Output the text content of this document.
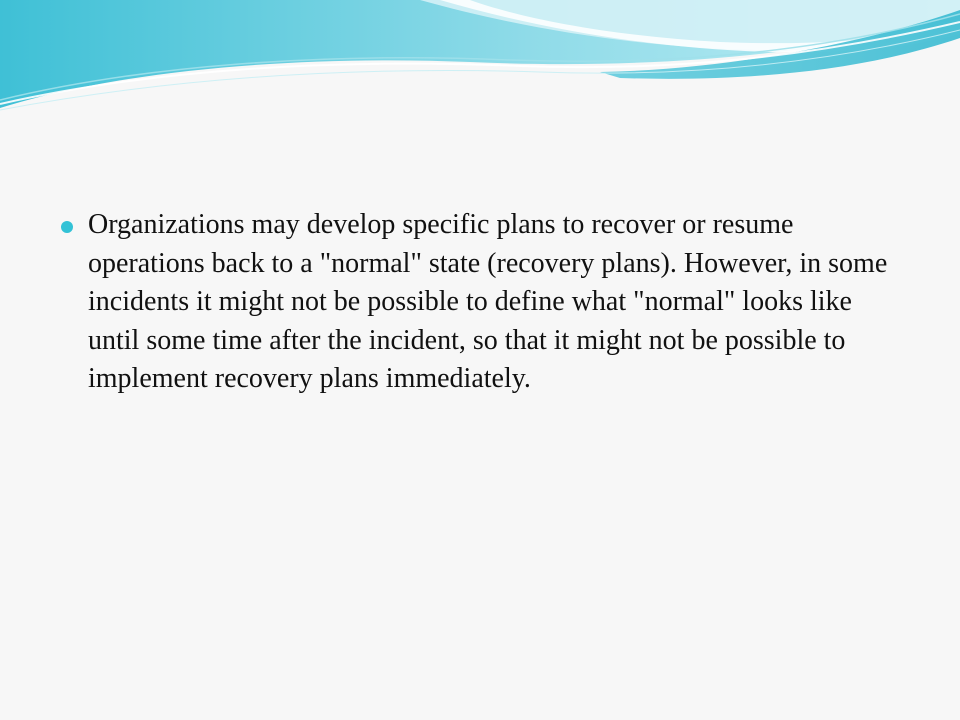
Organizations may develop specific plans to recover or resume operations back to a "normal" state (recovery plans). However, in some incidents it might not be possible to define what "normal" looks like until some time after the incident, so that it might not be possible to implement recovery plans immediately.
